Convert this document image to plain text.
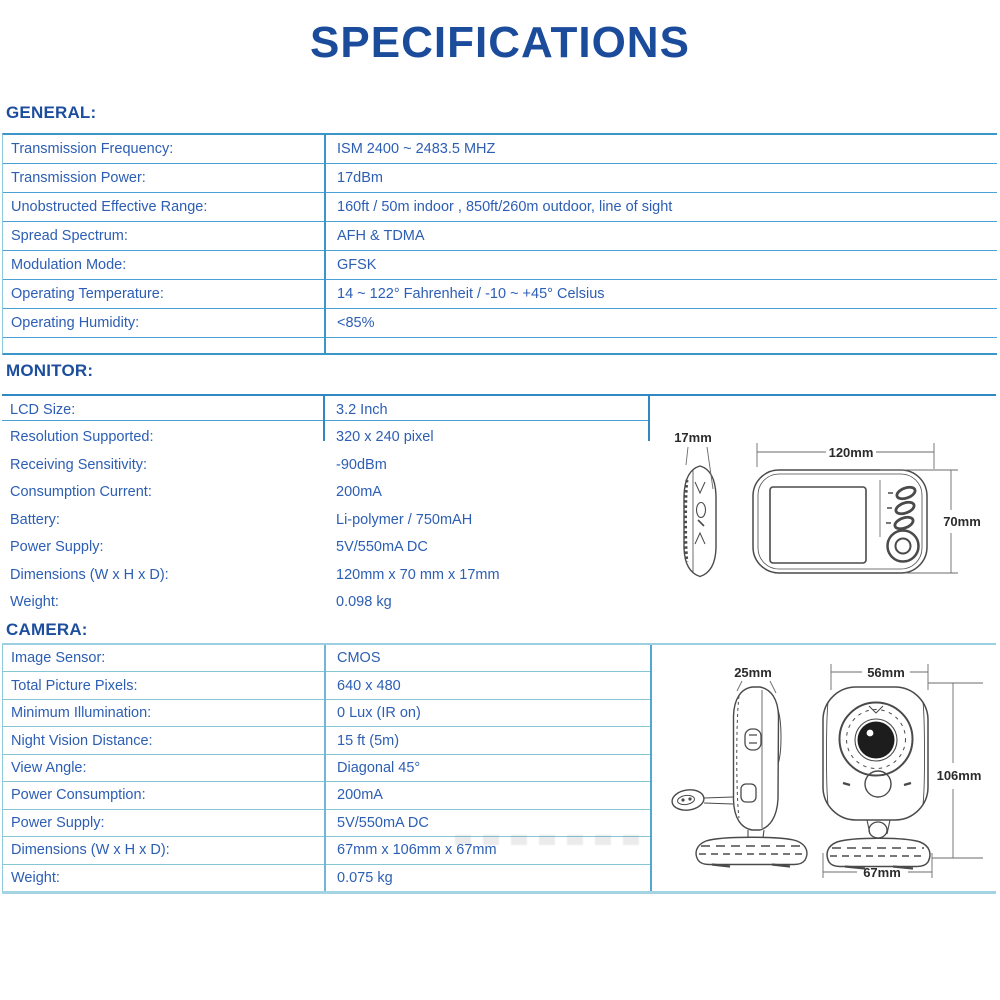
SPECIFICATIONS
GENERAL:
Transmission Frequency:	ISM 2400 ~ 2483.5 MHZ
Transmission Power:	17dBm
Unobstructed Effective Range:	160ft / 50m indoor , 850ft/260m outdoor, line of sight
Spread Spectrum:	AFH & TDMA
Modulation Mode:	GFSK
Operating Temperature:	14 ~ 122° Fahrenheit / -10 ~ +45° Celsius
Operating Humidity:	<85%
MONITOR:
LCD Size:	3.2 Inch
Resolution Supported:	320 x 240 pixel
Receiving Sensitivity:	-90dBm
Consumption Current:	200mA
Battery:	Li-polymer / 750mAH
Power Supply:	5V/550mA DC
Dimensions (W x H x D):	120mm x 70 mm x 17mm
Weight:	0.098 kg
CAMERA:
Image Sensor:	CMOS
Total Picture Pixels:	640 x 480
Minimum Illumination:	0 Lux (IR on)
Night Vision Distance:	15 ft (5m)
View Angle:	Diagonal 45°
Power Consumption:	200mA
Power Supply:	5V/550mA DC
Dimensions (W x H x D):	67mm x 106mm x 67mm
Weight:	0.075 kg
17mm
120mm
70mm
25mm	56mm
106mm
67mm
